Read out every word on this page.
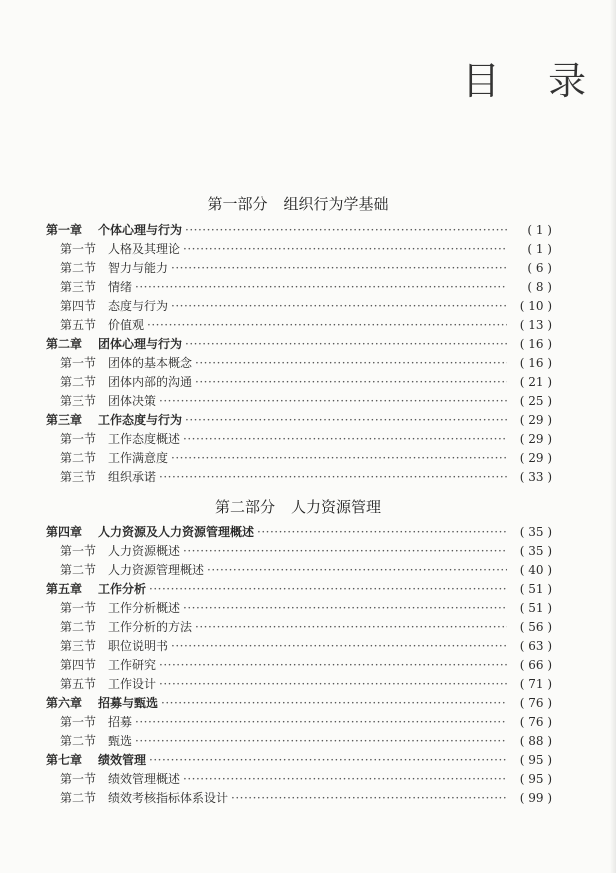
目 录
第一部分 组织行为学基础
第一章	个体心理与行为 ·····	( 1 )
第一节 人格及其理论 ·····	( 1 )
第二节 智力与能力 ·····	( 6 )
第三节 情绪 ·····	( 8 )
第四节 态度与行为 ·····	( 10 )
第五节 价值观 ·····	( 13 )
第二章	团体心理与行为 ·····	( 16 )
第一节 团体的基本概念 ·····	( 16 )
第二节 团体内部的沟通 ·····	( 21 )
第三节 团体决策 ·····	( 25 )
第三章	工作态度与行为 ·····	( 29 )
第一节 工作态度概述 ·····	( 29 )
第二节 工作满意度 ·····	( 29 )
第三节 组织承诺 ·····	( 33 )
第二部分 人力资源管理
第四章	人力资源及人力资源管理概述 ·····	( 35 )
第一节 人力资源概述 ·····	( 35 )
第二节 人力资源管理概述 ·····	( 40 )
第五章	工作分析 ·····	( 51 )
第一节 工作分析概述 ·····	( 51 )
第二节 工作分析的方法 ·····	( 56 )
第三节 职位说明书 ·····	( 63 )
第四节 工作研究 ·····	( 66 )
第五节 工作设计 ·····	( 71 )
第六章	招募与甄选 ·····	( 76 )
第一节 招募 ·····	( 76 )
第二节 甄选 ·····	( 88 )
第七章	绩效管理 ·····	( 95 )
第一节 绩效管理概述 ·····	( 95 )
第二节 绩效考核指标体系设计 ·····	( 99 )
